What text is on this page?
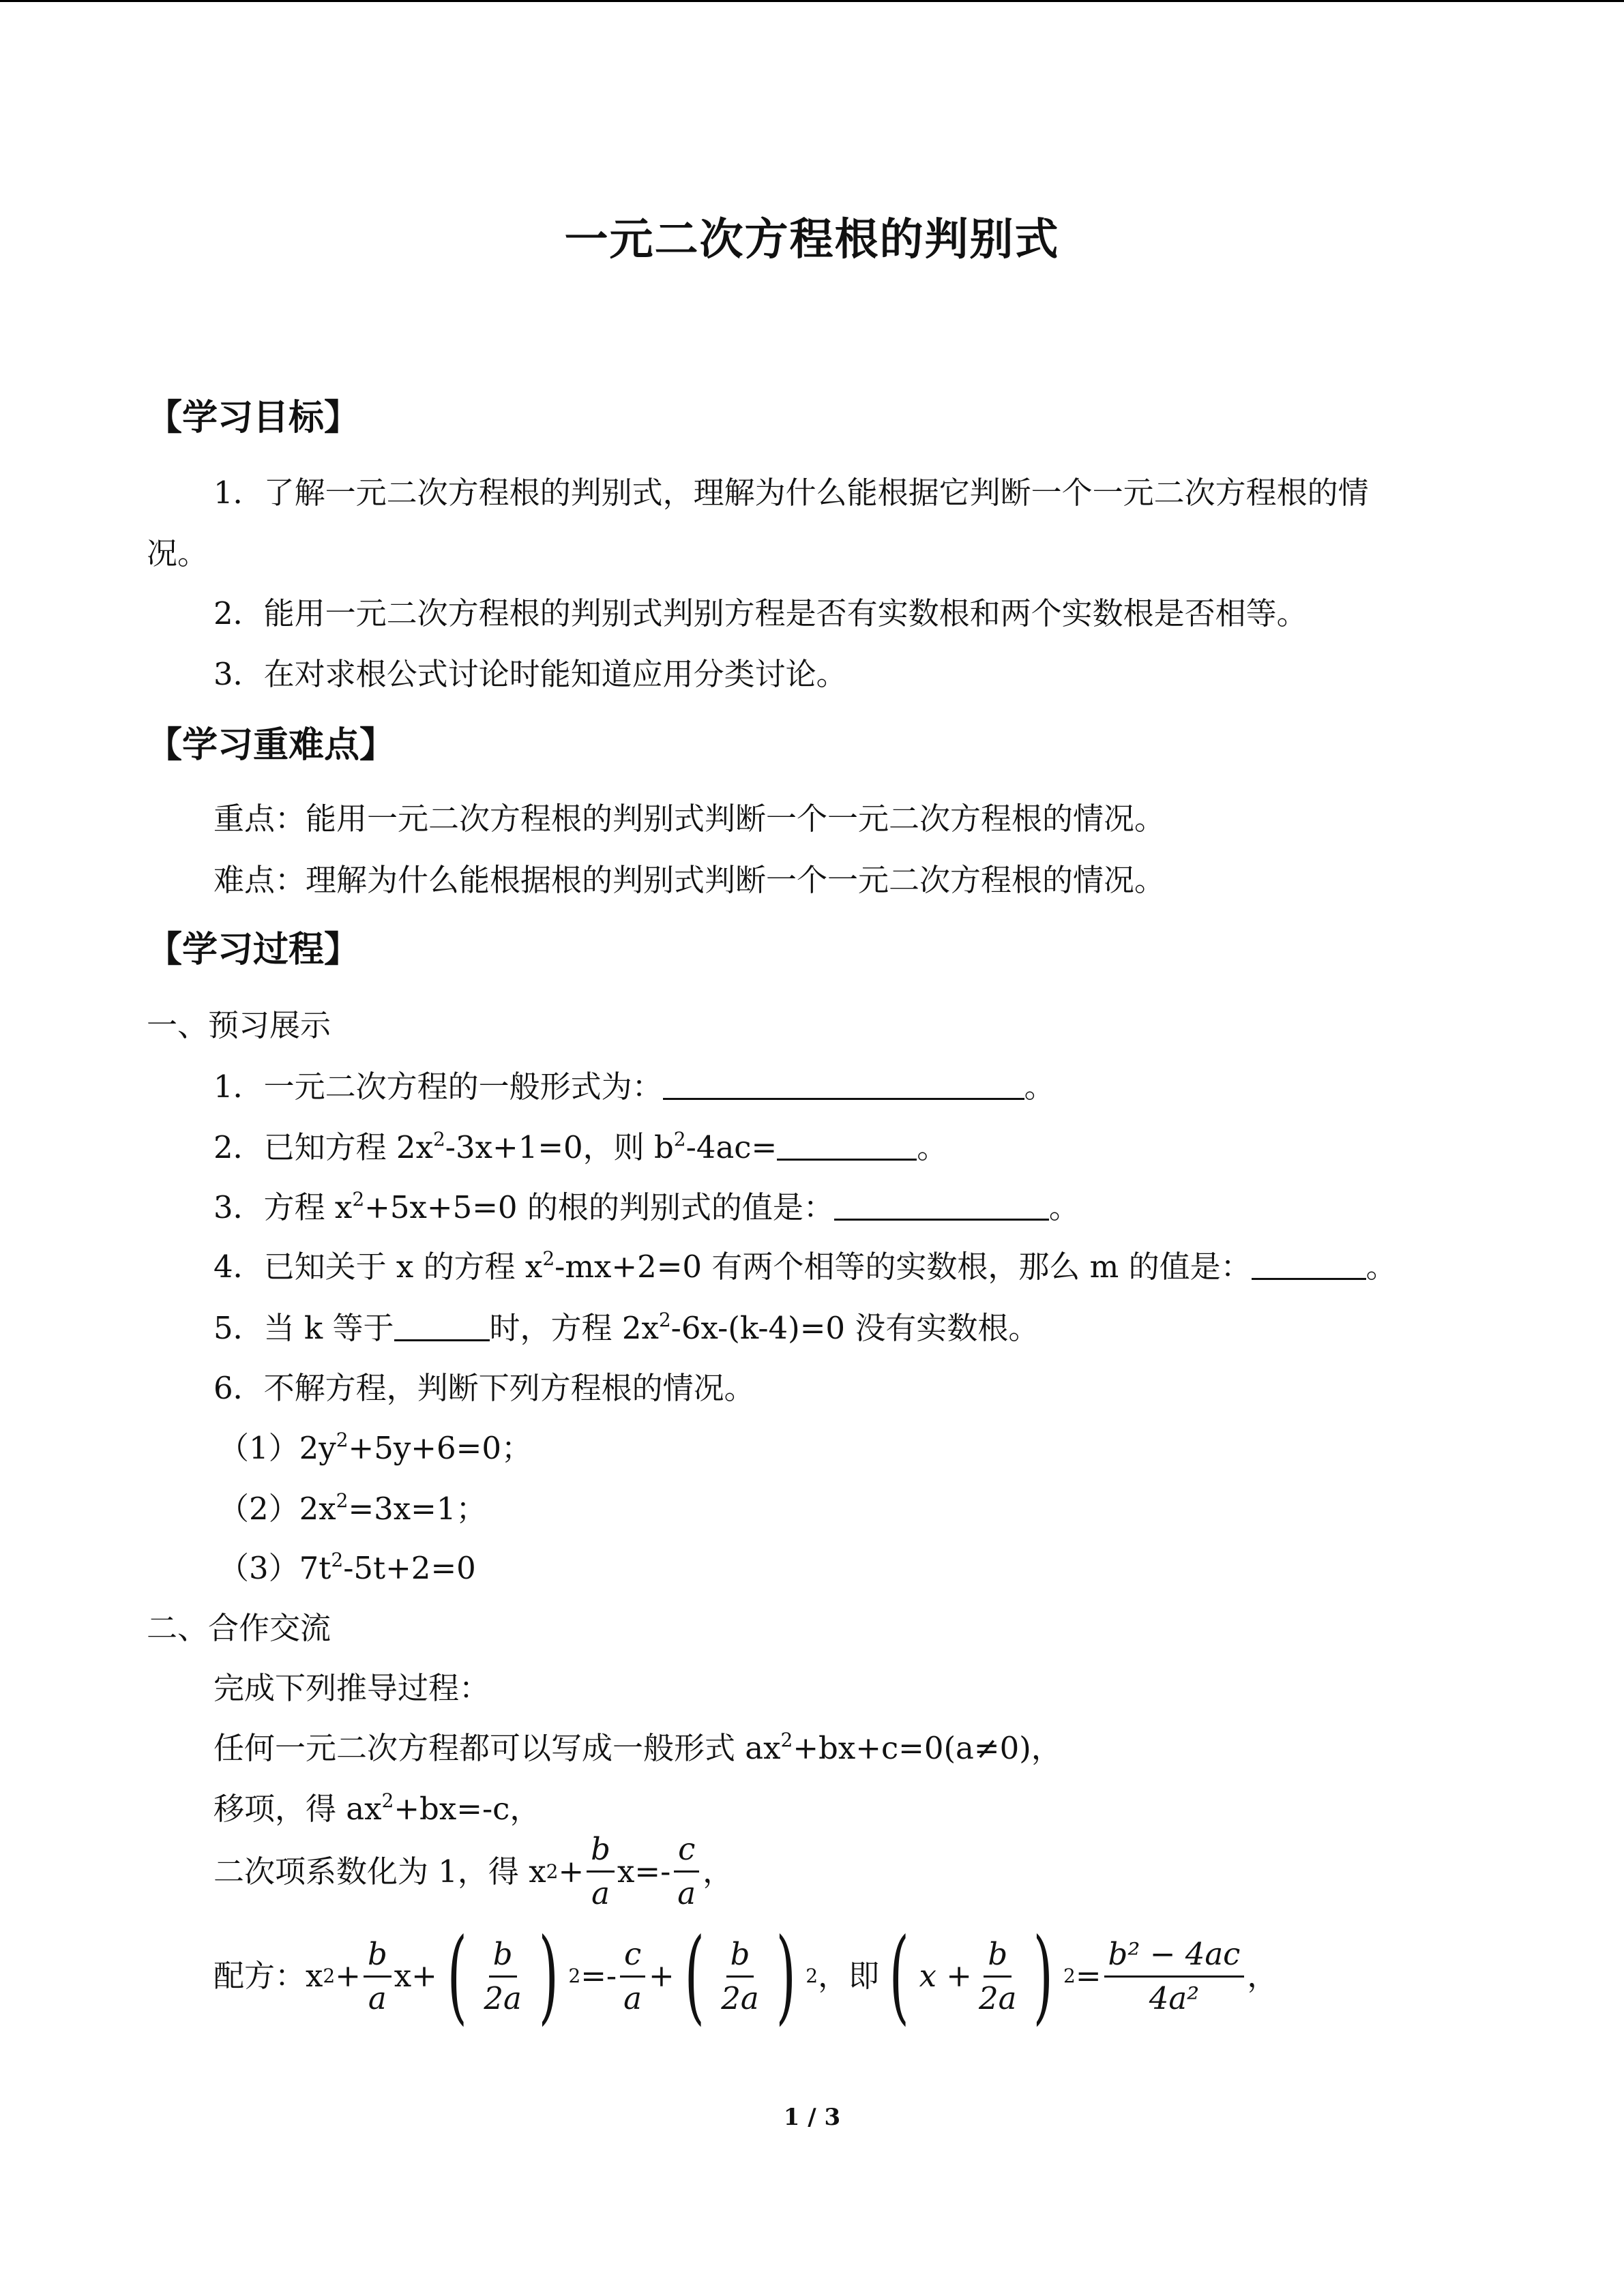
一元二次方程根的判别式
【学习目标】
1．了解一元二次方程根的判别式，理解为什么能根据它判断一个一元二次方程根的情
况。
2．能用一元二次方程根的判别式判别方程是否有实数根和两个实数根是否相等。
3．在对求根公式讨论时能知道应用分类讨论。
【学习重难点】
重点：能用一元二次方程根的判别式判断一个一元二次方程根的情况。
难点：理解为什么能根据根的判别式判断一个一元二次方程根的情况。
【学习过程】
一、预习展示
1．一元二次方程的一般形式为：	。
2．已知方程 $2x^2-3x+1=0$，则 $b^2-4ac=$	。
3．方程 $x^2+5x+5=0$ 的根的判别式的值是：	。
4．已知关于 x 的方程 $x^2-mx+2=0$ 有两个相等的实数根，那么 m 的值是：	。
5．当 k 等于	时，方程 $2x^2-6x-(k-4)=0$ 没有实数根。
6．不解方程，判断下列方程根的情况。
$(1)2y^2+5y+6=0$；
$(2)2x^2=3x=1$；
$(3)7t^2-5t+2=0$
二、合作交流
完成下列推导过程：
任何一元二次方程都可以写成一般形式 $ax^2+bx+c=0(a\ne 0)$，
移项，得 $ax^2+bx=-c$，
二次项系数化为 1，得 x $2 + \frac{b}{a} x=- \frac{c}{a}$ ，
配方：x $2 + \frac{b}{a}$ x + ( $\frac{b}{2a}$ ) $2 =- \frac{c}{a}$ + ( $\frac{b}{2a}$ ) 2 ，即 ( $x + \frac{b}{2a}$ ) $2 = \frac{\text{b² − 4ac}}{\text{4a²}}$ ，
1 / 3
